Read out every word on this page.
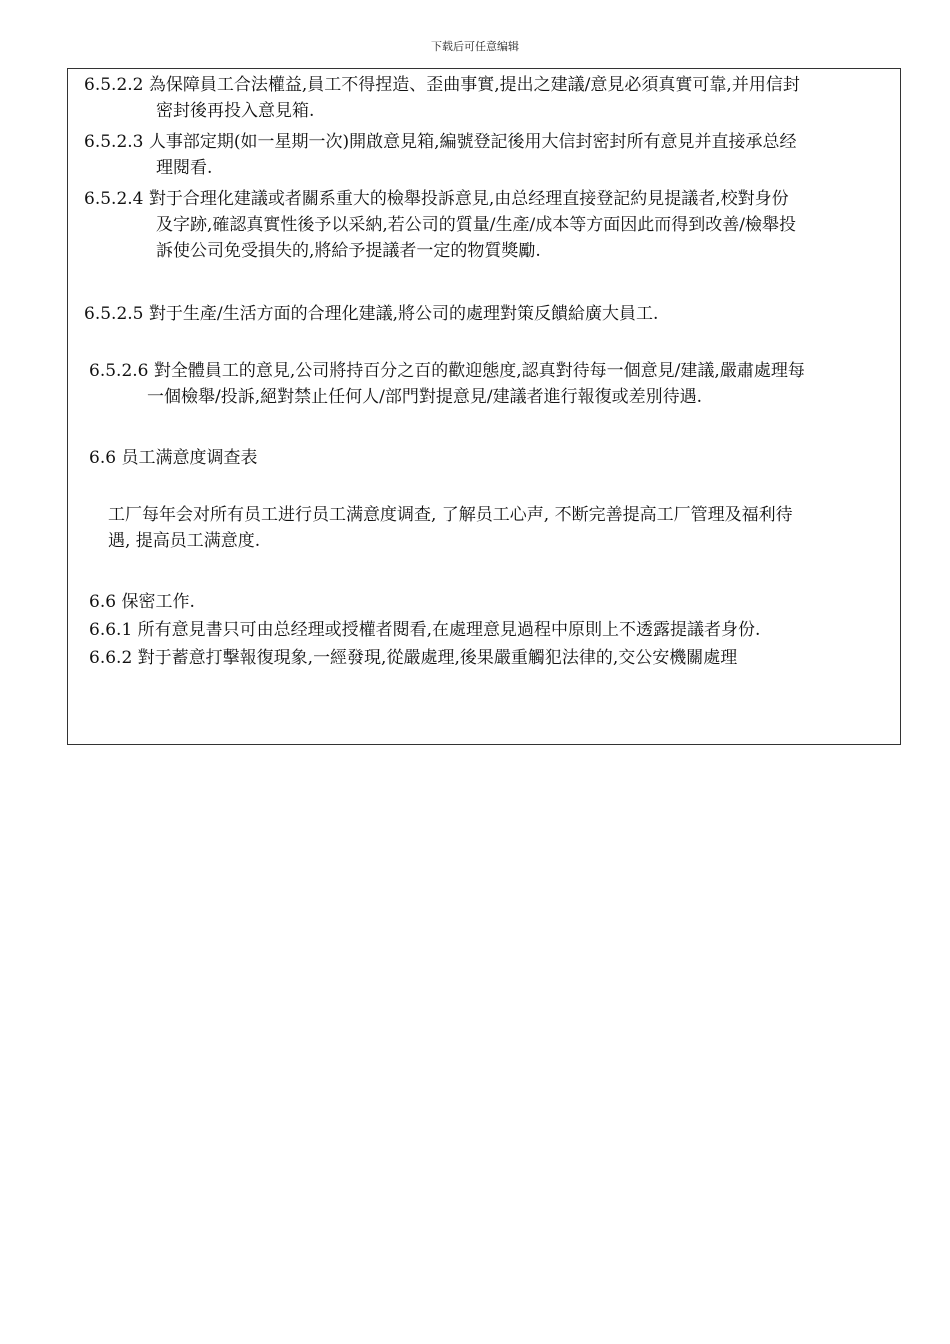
下载后可任意编辑
6.5.2.2 為保障員工合法權益,員工不得捏造、歪曲事實,提出之建議/意見必須真實可靠,并用信封
密封後再投入意見箱.
6.5.2.3 人事部定期(如一星期一次)開啟意見箱,編號登記後用大信封密封所有意見并直接承总经
理閱看.
6.5.2.4 對于合理化建議或者關系重大的檢舉投訴意見,由总经理直接登記約見提議者,校對身份
及字跡,確認真實性後予以采納,若公司的質量/生產/成本等方面因此而得到改善/檢舉投
訴使公司免受損失的,將給予提議者一定的物質獎勵.
6.5.2.5 對于生產/生活方面的合理化建議,將公司的處理對策反饋給廣大員工.
6.5.2.6 對全體員工的意見,公司將持百分之百的歡迎態度,認真對待每一個意見/建議,嚴肅處理每
一個檢舉/投訴,絕對禁止任何人/部門對提意見/建議者進行報復或差別待遇.
6.6 员工满意度调查表
工厂每年会对所有员工进行员工满意度调查, 了解员工心声, 不断完善提高工厂管理及福利待
遇, 提高员工满意度.
6.6 保密工作.
6.6.1 所有意見書只可由总经理或授權者閱看,在處理意見過程中原則上不透露提議者身份.
6.6.2 對于蓄意打擊報復現象,一經發現,從嚴處理,後果嚴重觸犯法律的,交公安機關處理
